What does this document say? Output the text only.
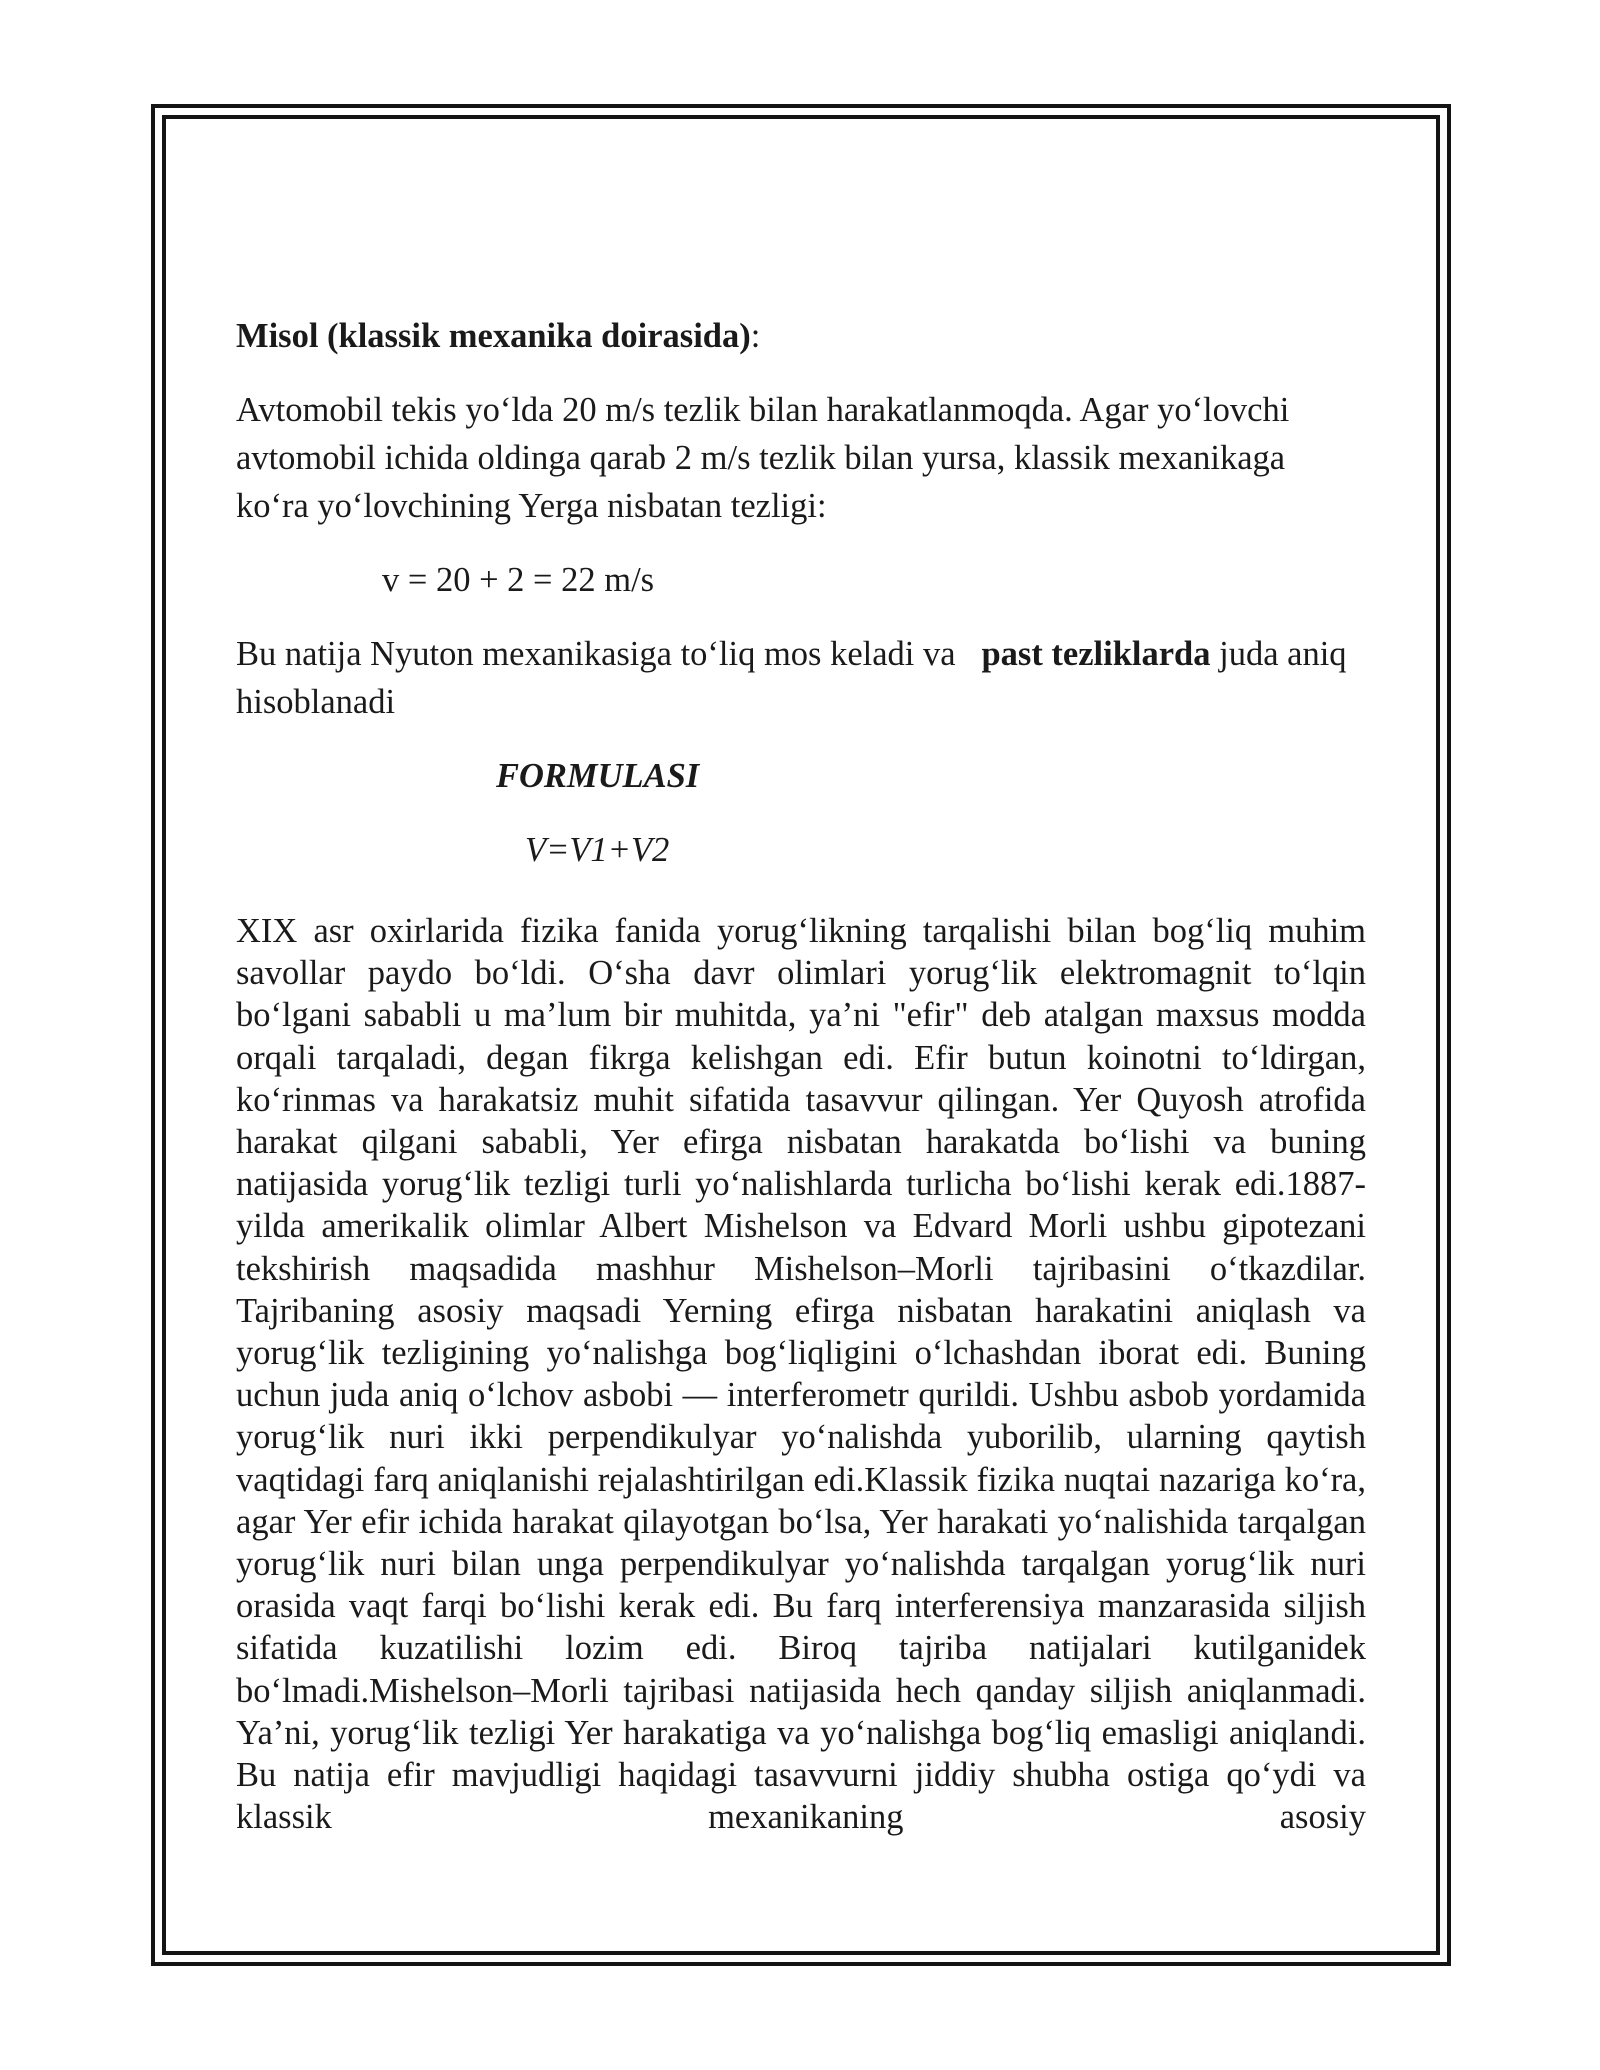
Misol (klassik mexanika doirasida):

Avtomobil tekis yo‘lda 20 m/s tezlik bilan harakatlanmoqda. Agar yo‘lovchi avtomobil ichida oldinga qarab 2 m/s tezlik bilan yursa, klassik mexanikaga ko‘ra yo‘lovchining Yerga nisbatan tezligi:

v = 20 + 2 = 22 m/s

Bu natija Nyuton mexanikasiga to‘liq mos keladi va past tezliklarda juda aniq hisoblanadi

FORMULASI

V=V1+V2

XIX asr oxirlarida fizika fanida yorug‘likning tarqalishi bilan bog‘liq muhim savollar paydo bo‘ldi. O‘sha davr olimlari yorug‘lik elektromagnit to‘lqin bo‘lgani sababli u ma’lum bir muhitda, ya’ni "efir" deb atalgan maxsus modda orqali tarqaladi, degan fikrga kelishgan edi. Efir butun koinotni to‘ldirgan, ko‘rinmas va harakatsiz muhit sifatida tasavvur qilingan. Yer Quyosh atrofida harakat qilgani sababli, Yer efirga nisbatan harakatda bo‘lishi va buning natijasida yorug‘lik tezligi turli yo‘nalishlarda turlicha bo‘lishi kerak edi.1887-yilda amerikalik olimlar Albert Mishelson va Edvard Morli ushbu gipotezani tekshirish maqsadida mashhur Mishelson–Morli tajribasini o‘tkazdilar. Tajribaning asosiy maqsadi Yerning efirga nisbatan harakatini aniqlash va yorug‘lik tezligining yo‘nalishga bog‘liqligini o‘lchashdan iborat edi. Buning uchun juda aniq o‘lchov asbobi — interferometr qurildi. Ushbu asbob yordamida yorug‘lik nuri ikki perpendikulyar yo‘nalishda yuborilib, ularning qaytish vaqtidagi farq aniqlanishi rejalashtirilgan edi.Klassik fizika nuqtai nazariga ko‘ra, agar Yer efir ichida harakat qilayotgan bo‘lsa, Yer harakati yo‘nalishida tarqalgan yorug‘lik nuri bilan unga perpendikulyar yo‘nalishda tarqalgan yorug‘lik nuri orasida vaqt farqi bo‘lishi kerak edi. Bu farq interferensiya manzarasida siljish sifatida kuzatilishi lozim edi. Biroq tajriba natijalari kutilganidek bo‘lmadi.Mishelson–Morli tajribasi natijasida hech qanday siljish aniqlanmadi. Ya’ni, yorug‘lik tezligi Yer harakatiga va yo‘nalishga bog‘liq emasligi aniqlandi. Bu natija efir mavjudligi haqidagi tasavvurni jiddiy shubha ostiga qo‘ydi va klassik mexanikaning asosiy
